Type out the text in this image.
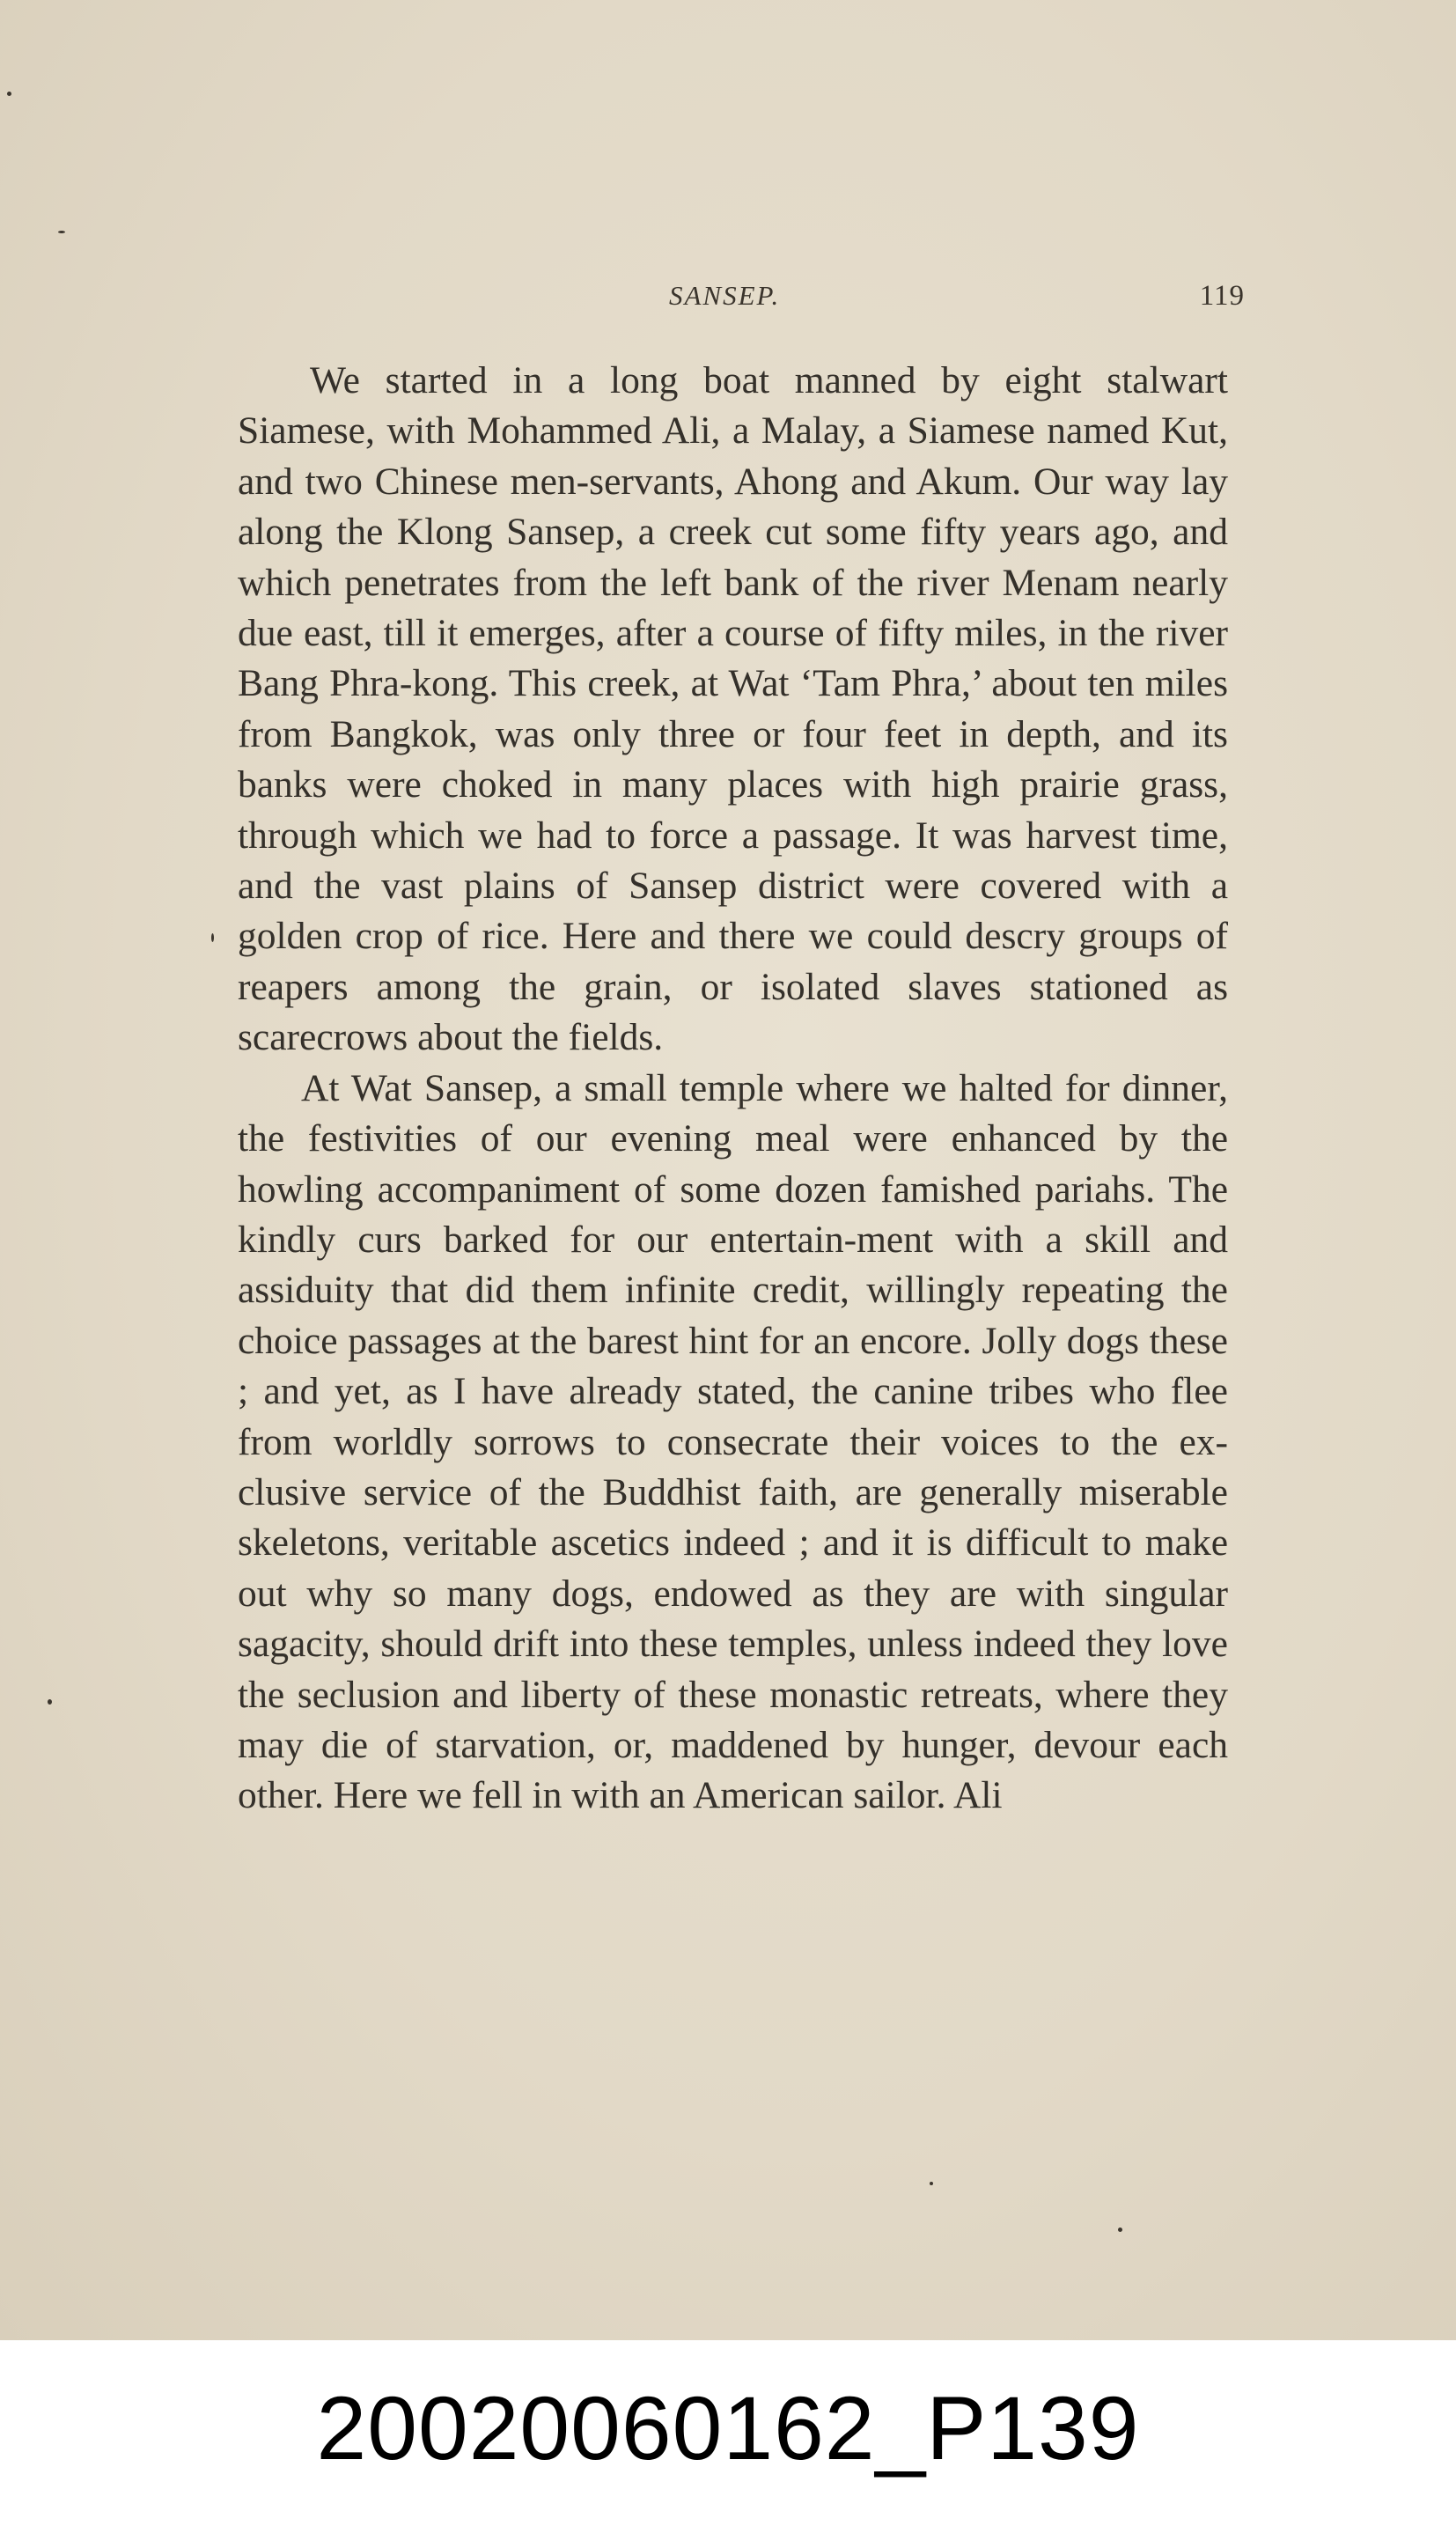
SANSEP.	119

We started in a long boat manned by eight stalwart Siamese, with Mohammed Ali, a Malay, a Siamese named Kut, and two Chinese men-servants, Ahong and Akum. Our way lay along the Klong Sansep, a creek cut some fifty years ago, and which penetrates from the left bank of the river Menam nearly due east, till it emerges, after a course of fifty miles, in the river Bang Phra-kong. This creek, at Wat ‘Tam Phra,’ about ten miles from Bangkok, was only three or four feet in depth, and its banks were choked in many places with high prairie grass, through which we had to force a passage. It was harvest time, and the vast plains of Sansep district were covered with a golden crop of rice. Here and there we could descry groups of reapers among the grain, or isolated slaves stationed as scarecrows about the fields.

At Wat Sansep, a small temple where we halted for dinner, the festivities of our evening meal were enhanced by the howling accompaniment of some dozen famished pariahs. The kindly curs barked for our entertain-ment with a skill and assiduity that did them infinite credit, willingly repeating the choice passages at the barest hint for an encore. Jolly dogs these ; and yet, as I have already stated, the canine tribes who flee from worldly sorrows to consecrate their voices to the ex-clusive service of the Buddhist faith, are generally miserable skeletons, veritable ascetics indeed ; and it is difficult to make out why so many dogs, endowed as they are with singular sagacity, should drift into these temples, unless indeed they love the seclusion and liberty of these monastic retreats, where they may die of starvation, or, maddened by hunger, devour each other. Here we fell in with an American sailor. Ali

20020060162_P139
